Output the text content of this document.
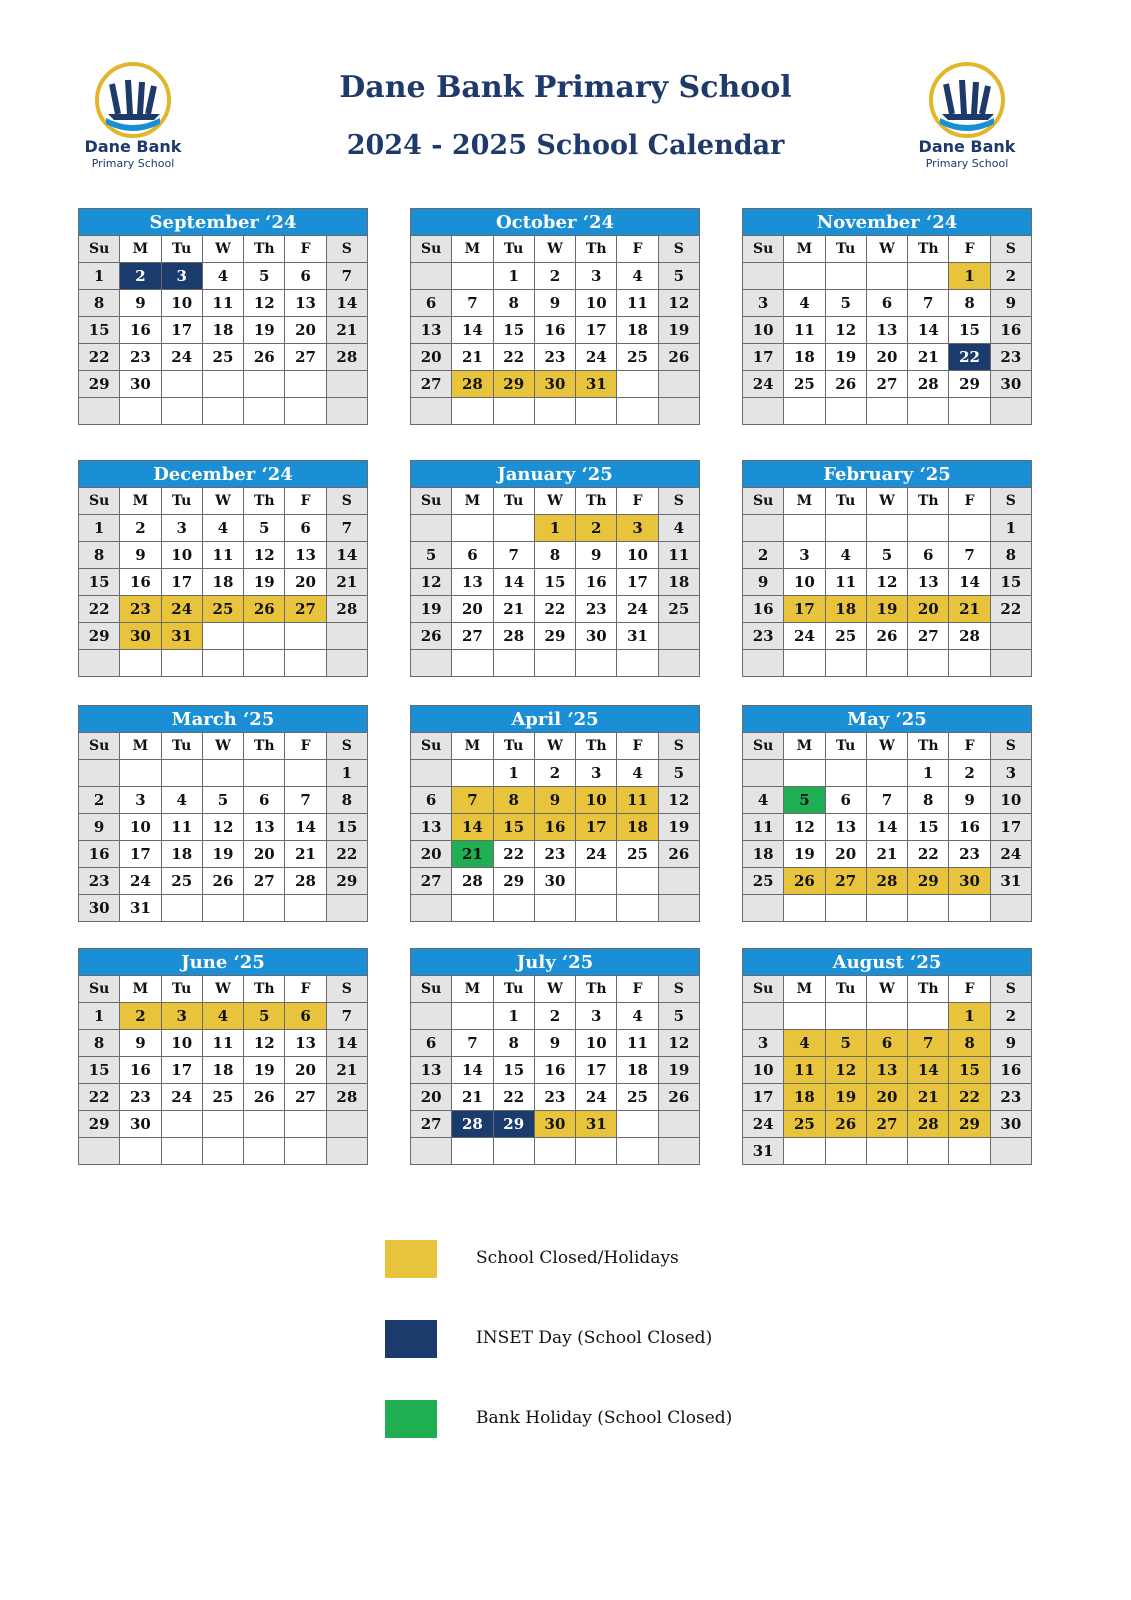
Dane Bank
Primary School
Dane Bank
Primary School
Dane Bank Primary School
2024 - 2025 School Calendar
September ‘24
Su	M	Tu	W	Th	F	S
1	2	3	4	5	6	7
8	9	10	11	12	13	14
15	16	17	18	19	20	21
22	23	24	25	26	27	28
29	30					

October ‘24
Su	M	Tu	W	Th	F	S
		1	2	3	4	5
6	7	8	9	10	11	12
13	14	15	16	17	18	19
20	21	22	23	24	25	26
27	28	29	30	31		

November ‘24
Su	M	Tu	W	Th	F	S
					1	2
3	4	5	6	7	8	9
10	11	12	13	14	15	16
17	18	19	20	21	22	23
24	25	26	27	28	29	30

December ‘24
Su	M	Tu	W	Th	F	S
1	2	3	4	5	6	7
8	9	10	11	12	13	14
15	16	17	18	19	20	21
22	23	24	25	26	27	28
29	30	31				

January ‘25
Su	M	Tu	W	Th	F	S
			1	2	3	4
5	6	7	8	9	10	11
12	13	14	15	16	17	18
19	20	21	22	23	24	25
26	27	28	29	30	31	

February ‘25
Su	M	Tu	W	Th	F	S
						1
2	3	4	5	6	7	8
9	10	11	12	13	14	15
16	17	18	19	20	21	22
23	24	25	26	27	28	

March ‘25
Su	M	Tu	W	Th	F	S
						1
2	3	4	5	6	7	8
9	10	11	12	13	14	15
16	17	18	19	20	21	22
23	24	25	26	27	28	29
30	31					
April ‘25
Su	M	Tu	W	Th	F	S
		1	2	3	4	5
6	7	8	9	10	11	12
13	14	15	16	17	18	19
20	21	22	23	24	25	26
27	28	29	30			

May ‘25
Su	M	Tu	W	Th	F	S
				1	2	3
4	5	6	7	8	9	10
11	12	13	14	15	16	17
18	19	20	21	22	23	24
25	26	27	28	29	30	31

June ‘25
Su	M	Tu	W	Th	F	S
1	2	3	4	5	6	7
8	9	10	11	12	13	14
15	16	17	18	19	20	21
22	23	24	25	26	27	28
29	30					

July ‘25
Su	M	Tu	W	Th	F	S
		1	2	3	4	5
6	7	8	9	10	11	12
13	14	15	16	17	18	19
20	21	22	23	24	25	26
27	28	29	30	31		

August ‘25
Su	M	Tu	W	Th	F	S
					1	2
3	4	5	6	7	8	9
10	11	12	13	14	15	16
17	18	19	20	21	22	23
24	25	26	27	28	29	30
31						
School Closed/Holidays
INSET Day (School Closed)
Bank Holiday (School Closed)
